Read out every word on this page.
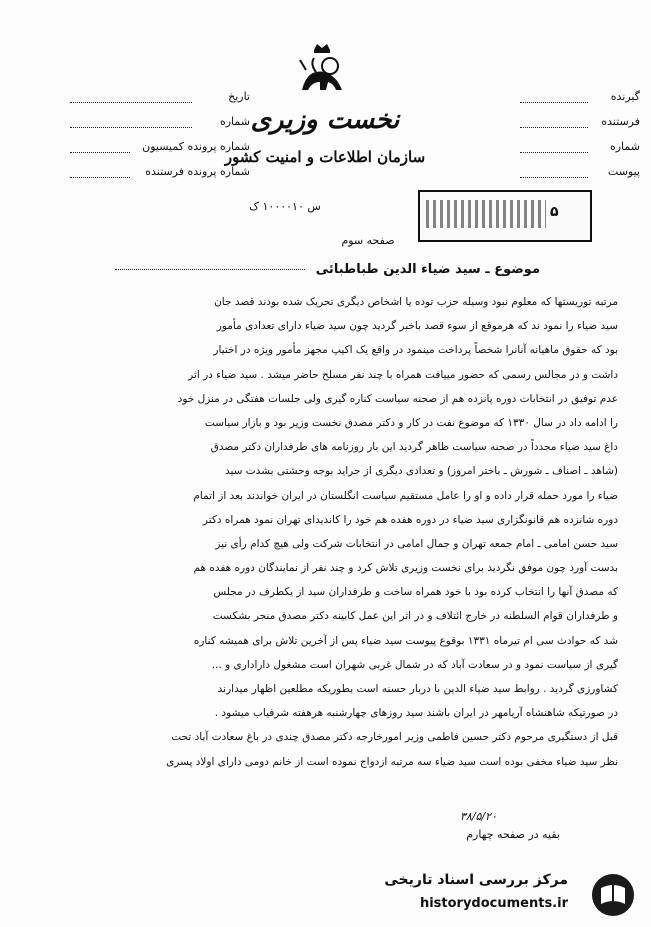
تاریخ
شماره
شماره پرونده کمیسیون
شماره پرونده فرستنده
گیرنده
فرستنده
شماره
پیوست
نخست وزیری
سازمان اطلاعات و امنیت کشور
س ۱۰۰۰۰۱۰ ک
صفحه سوم
۵
موضوع ـ سید ضیاء الدین طباطبائی
مرتبه توریستها که معلوم نبود وسیله حزب توده یا اشخاص دیگری تحریک شده بودند قصد جان
سید ضیاء را نمود ند که هرموقع از سوء قصد باخبر گردید چون سید ضیاء دارای تعدادی مأمور
بود که حقوق ماهیانه آنانرا شخصاً پرداخت مینمود در واقع یک اکیپ مجهز مأمور ویژه در اختیار
داشت و در مجالس رسمی که حضور مییافت همراه با چند نفر مسلح حاضر میشد . سید ضیاء در اثر
عدم توفیق در انتخابات دوره پانزده هم از صحنه سیاست کناره گیری ولی جلسات هفتگی در منزل خود
را ادامه داد در سال ۱۳۳۰ که موضوع نفت در کار و دکتر مصدق نخست وزیر بود و بازار سیاست
داغ سید ضیاء مجدداً در صحنه سیاست ظاهر گردید این بار روزنامه های طرفداران دکتر مصدق
(شاهد ـ اصناف ـ شورش ـ باختر امروز) و تعدادی دیگری از جراید بوجه وحشتی بشدت سید
ضیاء را مورد حمله قرار داده و او را عامل مستقیم سیاست انگلستان در ایران خواندند بعد از اتمام
دوره شانزده هم قانونگزاری سید ضیاء در دوره هفده هم خود را کاندیدای تهران نمود همراه دکتر
سید حسن امامی ـ امام جمعه تهران و جمال امامی در انتخابات شرکت ولی هیچ کدام رأی نیز
بدست آورد چون موفق نگردید برای نخست وزیری تلاش کرد و چند نفر از نمایندگان دوره هفده هم
که مصدق آنها را انتخاب کرده بود با خود همراه ساخت و طرفداران سید از یکطرف در مجلس
و طرفداران قوام السلطنه در خارج ائتلاف و در اثر این عمل کابینه دکتر مصدق منجر بشکست
شد که حوادث سی ام تیرماه ۱۳۳۱ بوقوع پیوست سید ضیاء پس از آخرین تلاش برای همیشه کناره
گیری از سیاست نمود و در سعادت آباد که در شمال غربی شهران است مشغول داراداری و ...
کشاورزی گردید . روابط سید ضیاء الدین با دربار حسنه است بطوریکه مطلعین اظهار میدارند
در صورتیکه شاهنشاه آریامهر در ایران باشند سید روزهای چهارشنبه هرهفته شرفیاب میشود .
قبل از دستگیری مرحوم دکتر حسین فاطمی وزیر امورخارجه دکتر مصدق چندی در باغ سعادت آباد تحت
نظر سید ضیاء مخفی بوده است سید ضیاء سه مرتبه ازدواج نموده است از خانم دومی دارای اولاد پسری
۳۸/۵/۲۰
بقیه در صفحه چهارم
مرکز بررسی اسناد تاریخی
historydocuments.ir
